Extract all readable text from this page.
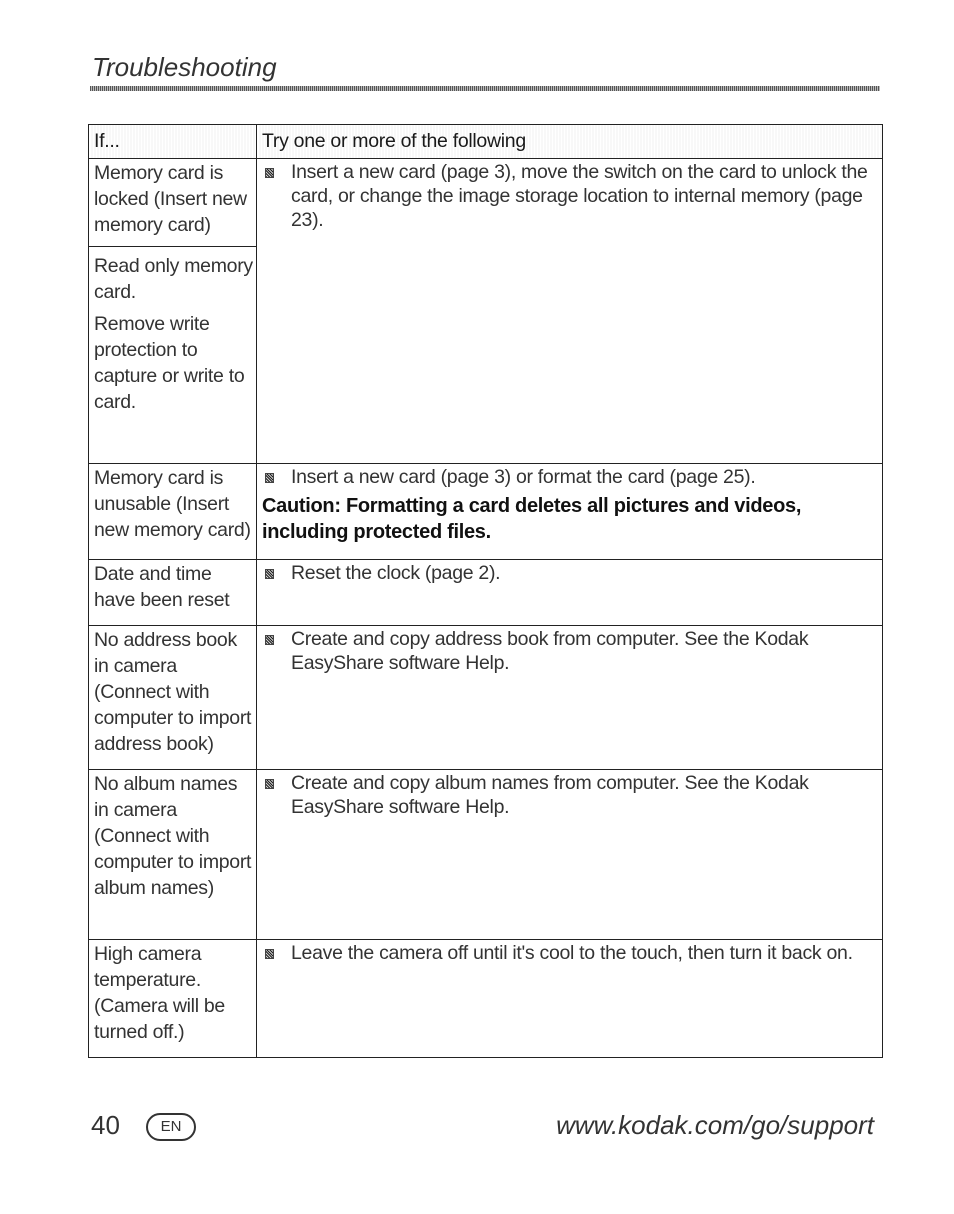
Troubleshooting
If...	Try one or more of the following

Memory card is locked (Insert new memory card)

Read only memory card.

Remove write protection to capture or write to card.	Insert a new card (page 3), move the switch on the card to unlock the card, or change the image storage location to internal memory (page 23).

Memory card is unusable (Insert new memory card)	Insert a new card (page 3) or format the card (page 25).
Caution: Formatting a card deletes all pictures and videos, including protected files.

Date and time have been reset	Reset the clock (page 2).

No address book in camera (Connect with computer to import address book)	Create and copy address book from computer. See the Kodak EasyShare software Help.

No album names in camera (Connect with computer to import album names)	Create and copy album names from computer. See the Kodak EasyShare software Help.

High camera temperature. (Camera will be turned off.)	Leave the camera off until it's cool to the touch, then turn it back on.
40	EN	www.kodak.com/go/support
